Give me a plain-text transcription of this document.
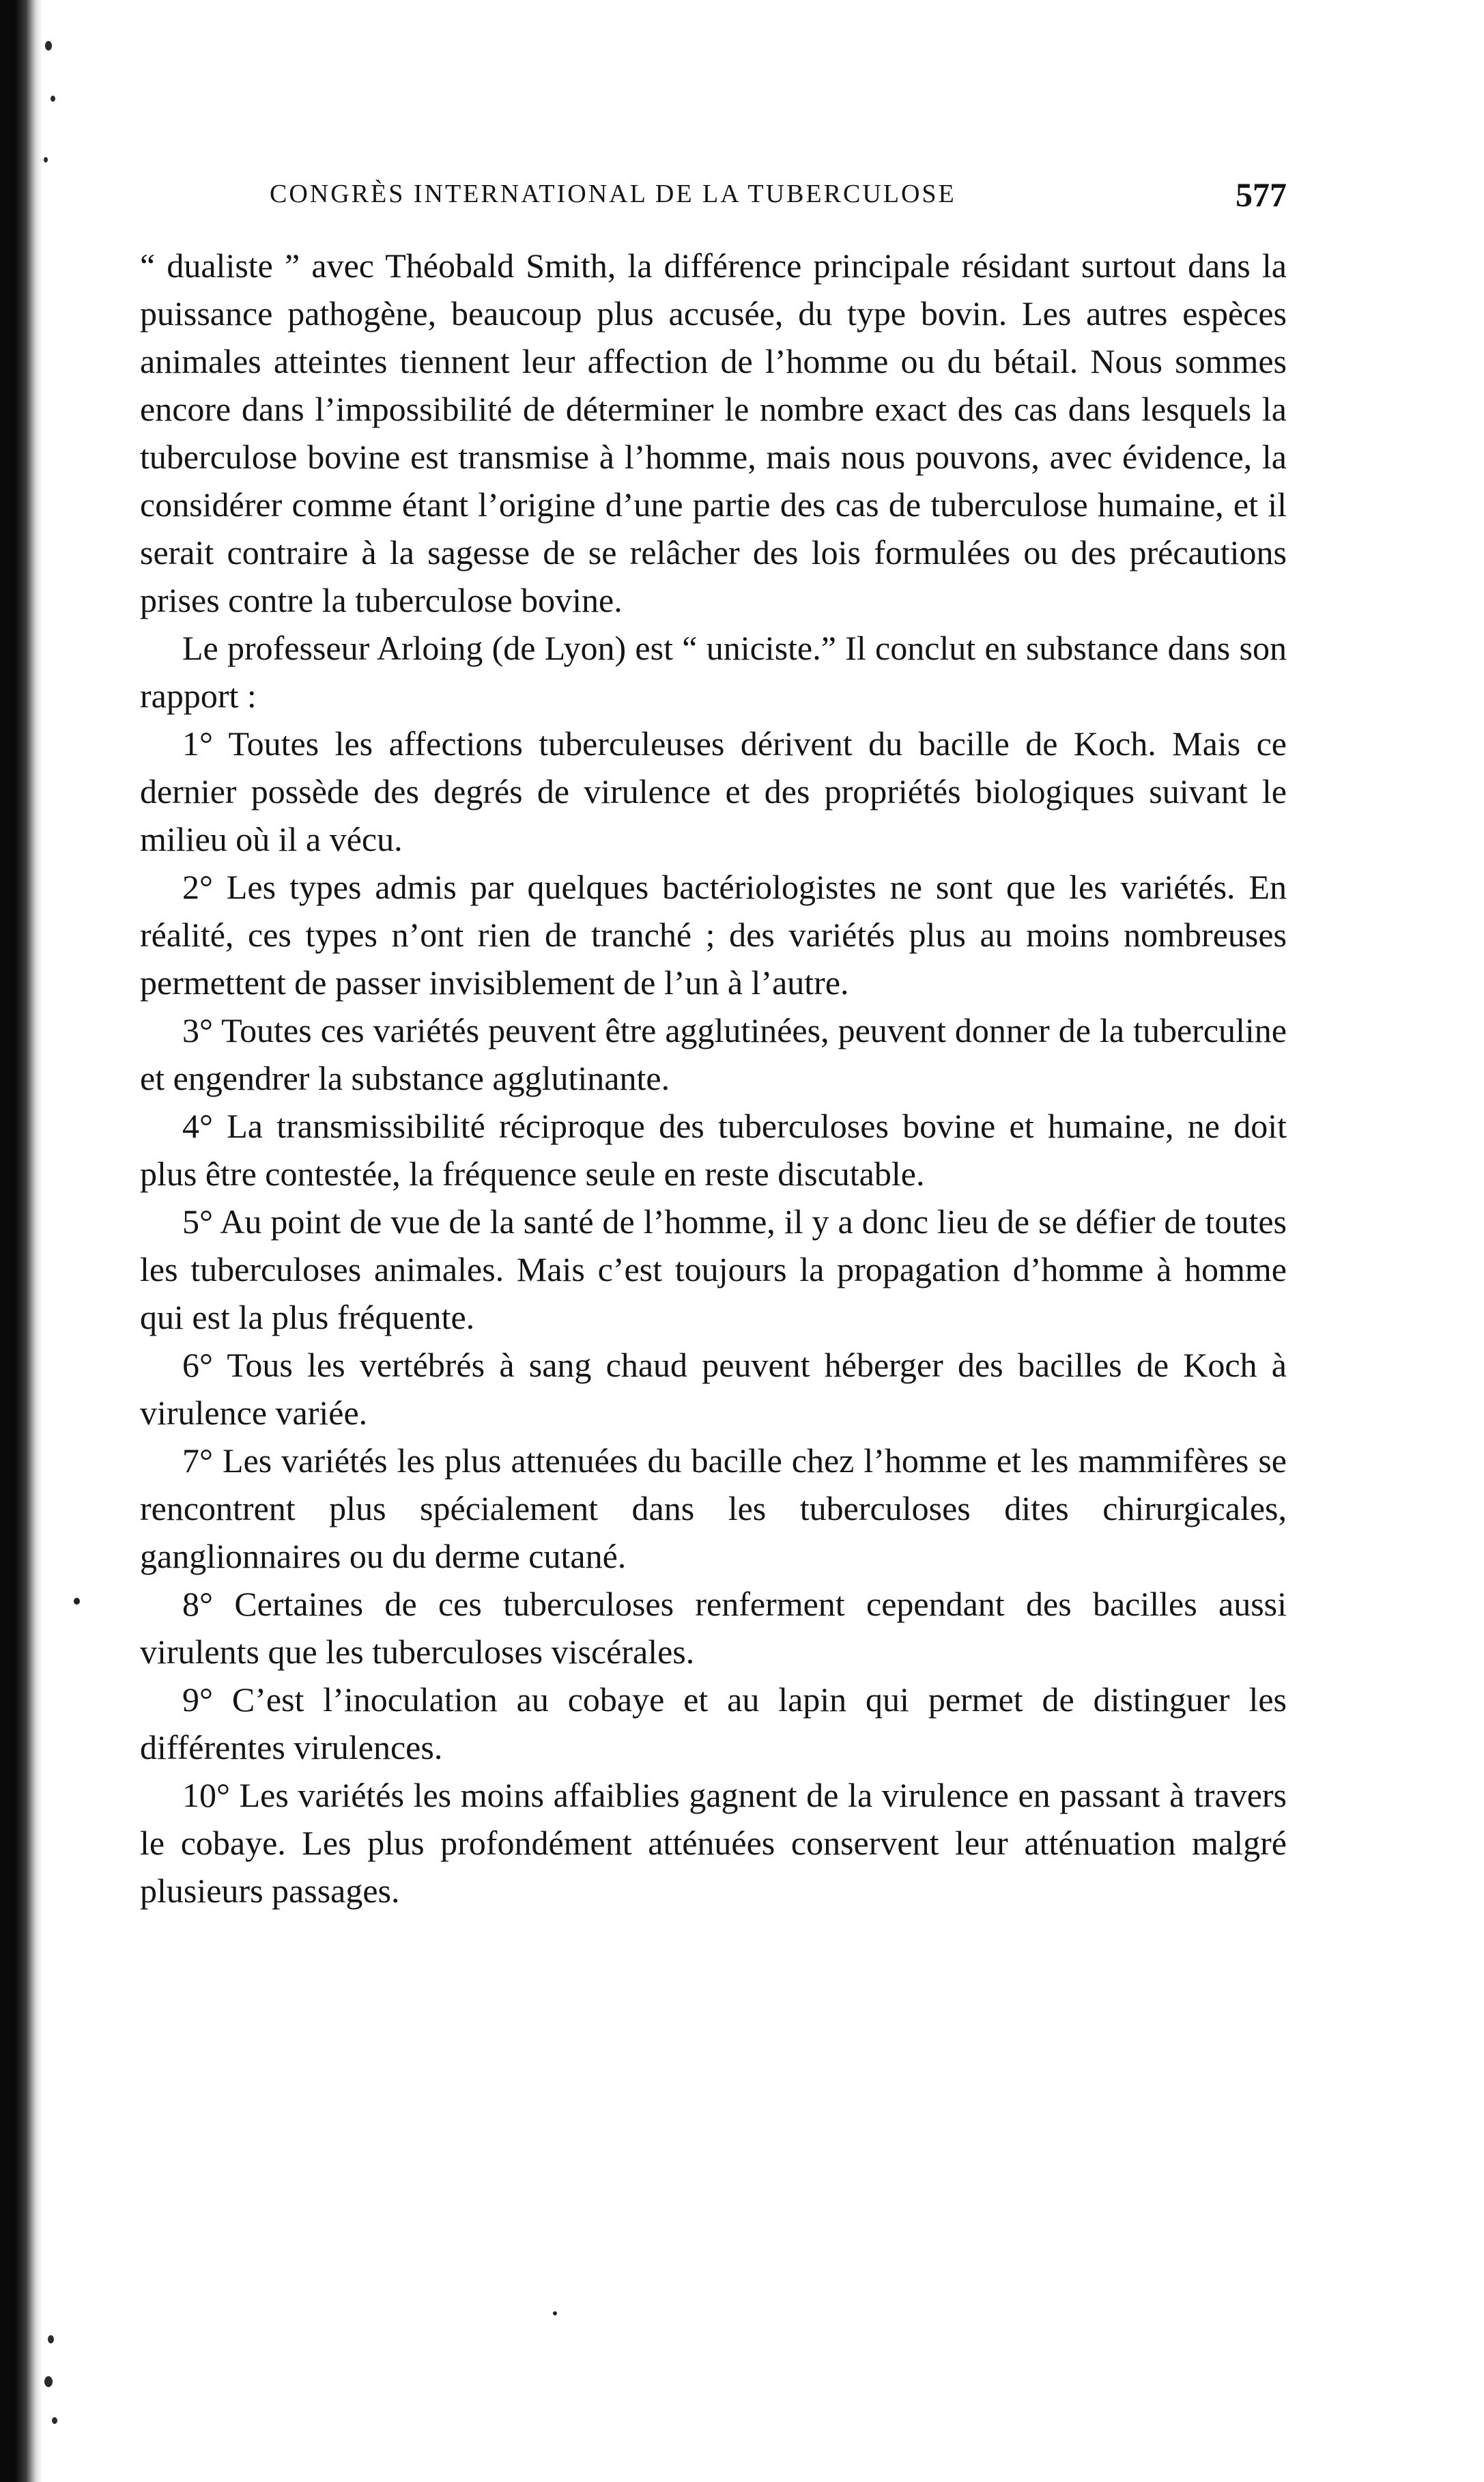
CONGRÈS INTERNATIONAL DE LA TUBERCULOSE	577

“ dualiste ” avec Théobald Smith, la différence principale résidant surtout dans la puissance pathogène, beaucoup plus accusée, du type bovin. Les autres espèces animales atteintes tiennent leur affection de l’homme ou du bétail. Nous sommes encore dans l’impossibilité de déterminer le nombre exact des cas dans lesquels la tuberculose bovine est transmise à l’homme, mais nous pouvons, avec évidence, la considérer comme étant l’origine d’une partie des cas de tuberculose humaine, et il serait contraire à la sagesse de se relâcher des lois formulées ou des précautions prises contre la tuberculose bovine.

Le professeur Arloing (de Lyon) est “ uniciste.” Il conclut en substance dans son rapport :

1° Toutes les affections tuberculeuses dérivent du bacille de Koch. Mais ce dernier possède des degrés de virulence et des propriétés biologiques suivant le milieu où il a vécu.

2° Les types admis par quelques bactériologistes ne sont que les variétés. En réalité, ces types n’ont rien de tranché ; des variétés plus au moins nombreuses permettent de passer invisiblement de l’un à l’autre.

3° Toutes ces variétés peuvent être agglutinées, peuvent donner de la tuberculine et engendrer la substance agglutinante.

4° La transmissibilité réciproque des tuberculoses bovine et humaine, ne doit plus être contestée, la fréquence seule en reste discutable.

5° Au point de vue de la santé de l’homme, il y a donc lieu de se défier de toutes les tuberculoses animales. Mais c’est toujours la propagation d’homme à homme qui est la plus fréquente.

6° Tous les vertébrés à sang chaud peuvent héberger des bacilles de Koch à virulence variée.

7° Les variétés les plus attenuées du bacille chez l’homme et les mammifères se rencontrent plus spécialement dans les tuberculoses dites chirurgicales, ganglionnaires ou du derme cutané.

8° Certaines de ces tuberculoses renferment cependant des bacilles aussi virulents que les tuberculoses viscérales.

9° C’est l’inoculation au cobaye et au lapin qui permet de distinguer les différentes virulences.

10° Les variétés les moins affaiblies gagnent de la virulence en passant à travers le cobaye. Les plus profondément atténuées conservent leur atténuation malgré plusieurs passages.
